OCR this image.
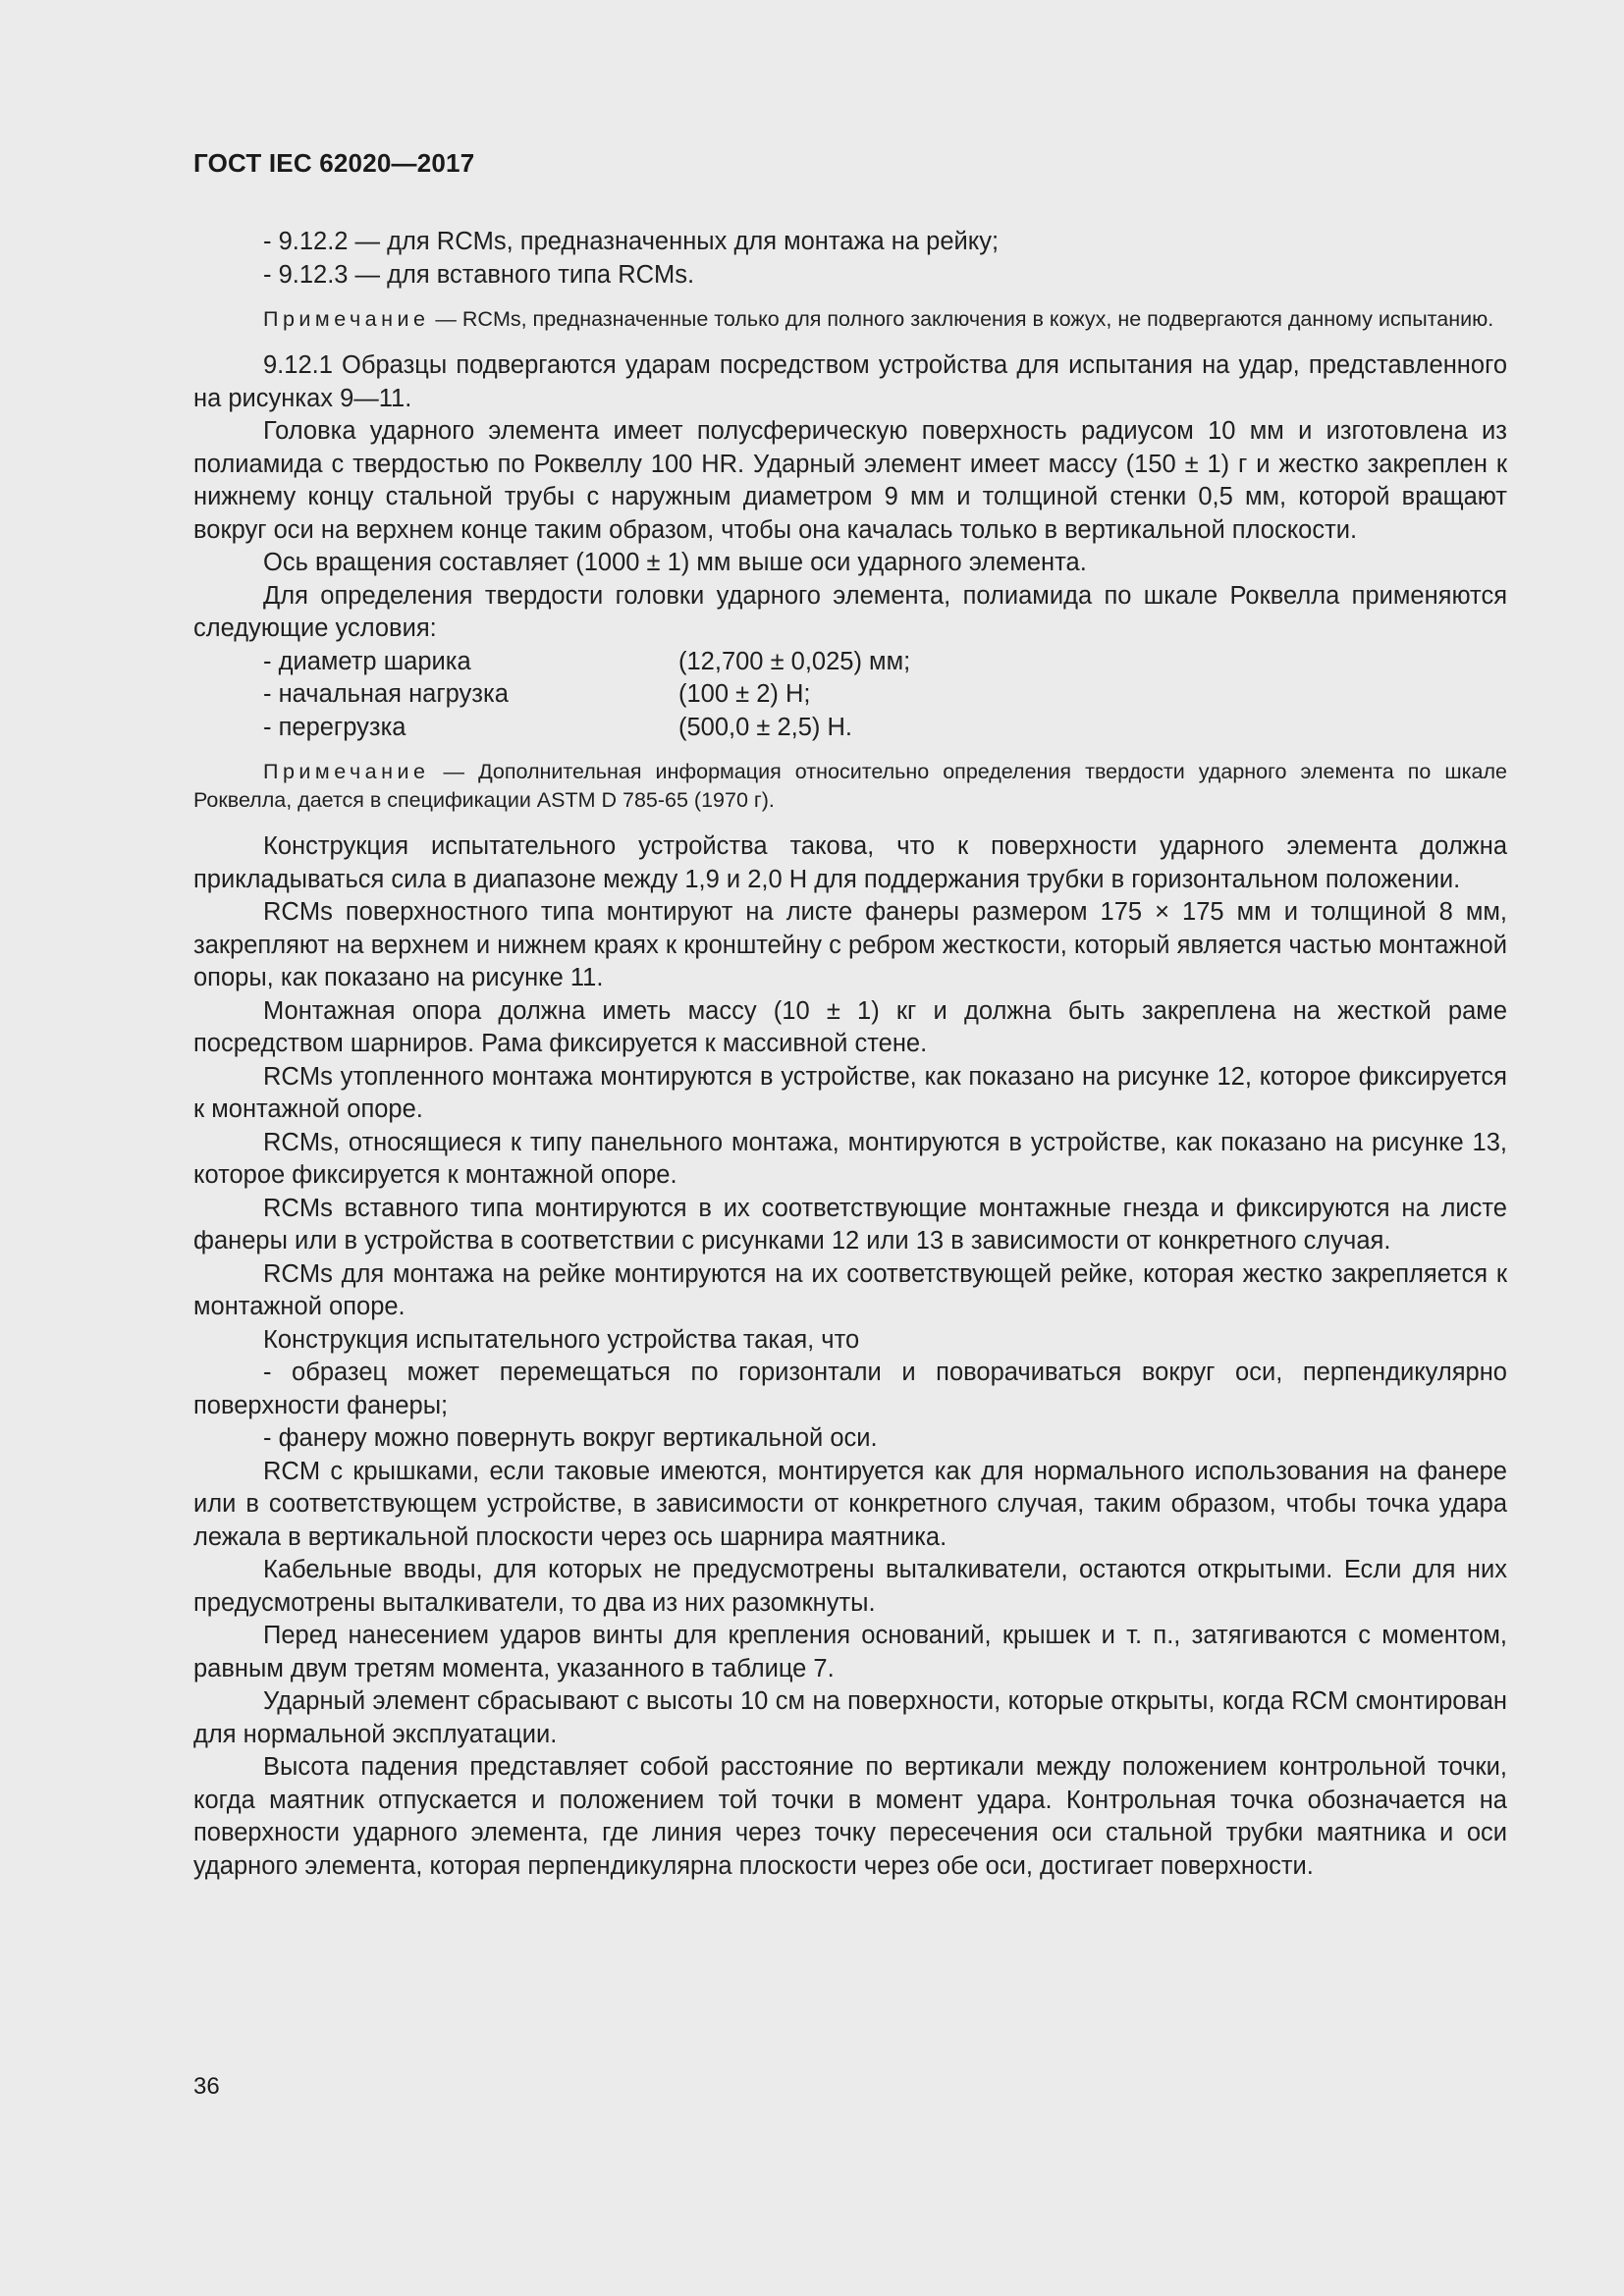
ГОСТ IEC 62020—2017

- 9.12.2 — для RCMs, предназначенных для монтажа на рейку;

- 9.12.3 — для вставного типа RCMs.

Примечание — RCMs, предназначенные только для полного заключения в кожух, не подвергаются данному испытанию.

9.12.1 Образцы подвергаются ударам посредством устройства для испытания на удар, представленного на рисунках 9—11.

Головка ударного элемента имеет полусферическую поверхность радиусом 10 мм и изготовлена из полиамида с твердостью по Роквеллу 100 HR. Ударный элемент имеет массу (150 ± 1) г и жестко закреплен к нижнему концу стальной трубы с наружным диаметром 9 мм и толщиной стенки 0,5 мм, которой вращают вокруг оси на верхнем конце таким образом, чтобы она качалась только в вертикальной плоскости.

Ось вращения составляет (1000 ± 1) мм выше оси ударного элемента.

Для определения твердости головки ударного элемента, полиамида по шкале Роквелла применяются следующие условия:

- диаметр шарика	(12,700 ± 0,025) мм;
- начальная нагрузка	(100 ± 2) Н;
- перегрузка	(500,0 ± 2,5) Н.

Примечание — Дополнительная информация относительно определения твердости ударного элемента по шкале Роквелла, дается в спецификации ASTM D 785-65 (1970 г).

Конструкция испытательного устройства такова, что к поверхности ударного элемента должна прикладываться сила в диапазоне между 1,9 и 2,0 Н для поддержания трубки в горизонтальном положении.

RCMs поверхностного типа монтируют на листе фанеры размером 175 × 175 мм и толщиной 8 мм, закрепляют на верхнем и нижнем краях к кронштейну с ребром жесткости, который является частью монтажной опоры, как показано на рисунке 11.

Монтажная опора должна иметь массу (10 ± 1) кг и должна быть закреплена на жесткой раме посредством шарниров. Рама фиксируется к массивной стене.

RCMs утопленного монтажа монтируются в устройстве, как показано на рисунке 12, которое фиксируется к монтажной опоре.

RCMs, относящиеся к типу панельного монтажа, монтируются в устройстве, как показано на рисунке 13, которое фиксируется к монтажной опоре.

RCMs вставного типа монтируются в их соответствующие монтажные гнезда и фиксируются на листе фанеры или в устройства в соответствии с рисунками 12 или 13 в зависимости от конкретного случая.

RCMs для монтажа на рейке монтируются на их соответствующей рейке, которая жестко закрепляется к монтажной опоре.

Конструкция испытательного устройства такая, что

- образец может перемещаться по горизонтали и поворачиваться вокруг оси, перпендикулярно поверхности фанеры;

- фанеру можно повернуть вокруг вертикальной оси.

RCM с крышками, если таковые имеются, монтируется как для нормального использования на фанере или в соответствующем устройстве, в зависимости от конкретного случая, таким образом, чтобы точка удара лежала в вертикальной плоскости через ось шарнира маятника.

Кабельные вводы, для которых не предусмотрены выталкиватели, остаются открытыми. Если для них предусмотрены выталкиватели, то два из них разомкнуты.

Перед нанесением ударов винты для крепления оснований, крышек и т. п., затягиваются с моментом, равным двум третям момента, указанного в таблице 7.

Ударный элемент сбрасывают с высоты 10 см на поверхности, которые открыты, когда RCM смонтирован для нормальной эксплуатации.

Высота падения представляет собой расстояние по вертикали между положением контрольной точки, когда маятник отпускается и положением той точки в момент удара. Контрольная точка обозначается на поверхности ударного элемента, где линия через точку пересечения оси стальной трубки маятника и оси ударного элемента, которая перпендикулярна плоскости через обе оси, достигает поверхности.

36
